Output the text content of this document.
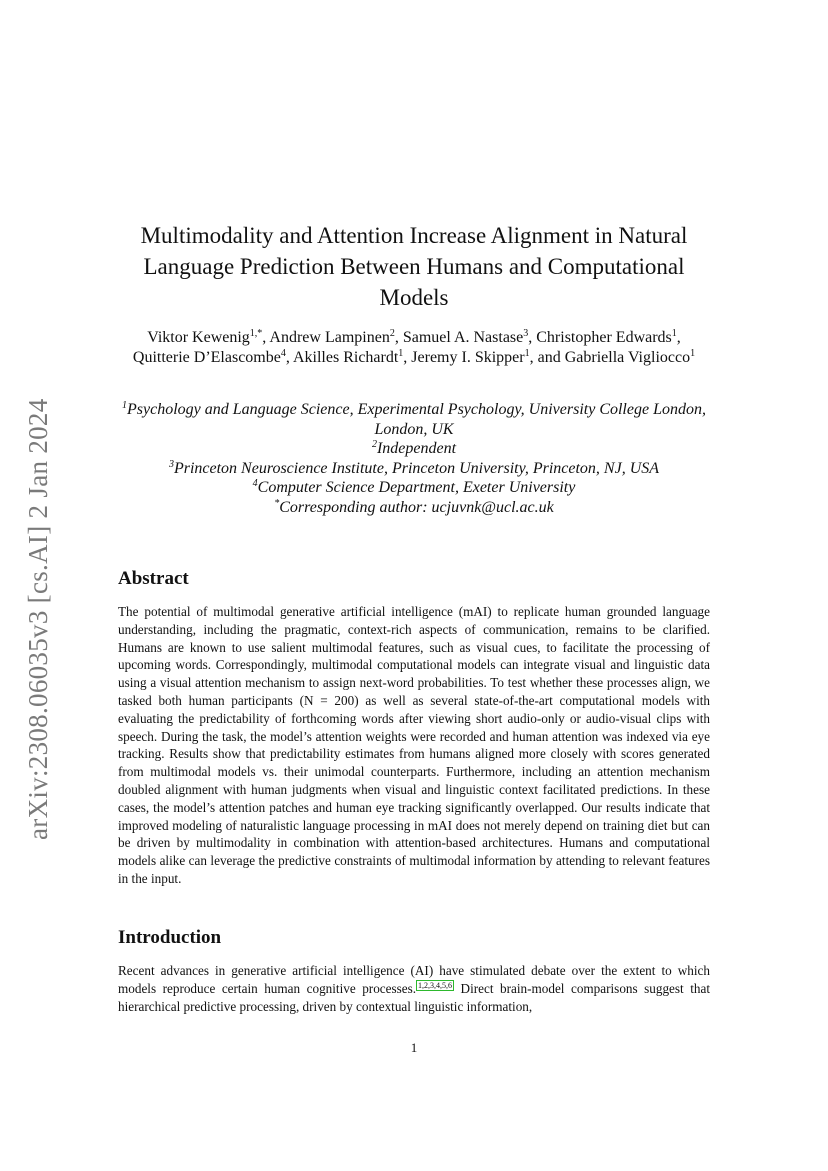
arXiv:2308.06035v3 [cs.AI] 2 Jan 2024
Multimodality and Attention Increase Alignment in Natural Language Prediction Between Humans and Computational Models
Viktor Kewenig$^{1,*}$, Andrew Lampinen$^2$, Samuel A. Nastase$^3$, Christopher Edwards$^1$, Quitterie D’Elascombe$^4$, Akilles Richardt$^1$, Jeremy I. Skipper$^1$, and Gabriella Vigliocco$^1$
$^1$Psychology and Language Science, Experimental Psychology, University College London, London, UK
$^2$Independent
$^3$Princeton Neuroscience Institute, Princeton University, Princeton, NJ, USA
$^4$Computer Science Department, Exeter University
*Corresponding author: ucjuvnk@ucl.ac.uk
Abstract

The potential of multimodal generative artificial intelligence (mAI) to replicate human grounded language understanding, including the pragmatic, context-rich aspects of communication, remains to be clarified. Humans are known to use salient multimodal features, such as visual cues, to facilitate the processing of upcoming words. Correspondingly, multimodal computational models can integrate visual and linguistic data using a visual attention mechanism to assign next-word probabilities. To test whether these processes align, we tasked both human participants (N = 200) as well as several state-of-the-art computational models with evaluating the predictability of forthcoming words after viewing short audio-only or audio-visual clips with speech. During the task, the model’s attention weights were recorded and human attention was indexed via eye tracking. Results show that predictability estimates from humans aligned more closely with scores generated from multimodal models vs. their unimodal counterparts. Furthermore, including an attention mechanism doubled alignment with human judgments when visual and linguistic context facilitated predictions. In these cases, the model’s attention patches and human eye tracking significantly overlapped. Our results indicate that improved modeling of naturalistic language processing in mAI does not merely depend on training diet but can be driven by multimodality in combination with attention-based architectures. Humans and computational models alike can leverage the predictive constraints of multimodal information by attending to relevant features in the input.

Introduction

Recent advances in generative artificial intelligence (AI) have stimulated debate over the extent to which models reproduce certain human cognitive processes. 1,2,3,4,5,6 Direct brain-model comparisons suggest that hierarchical predictive processing, driven by contextual linguistic information,

1
